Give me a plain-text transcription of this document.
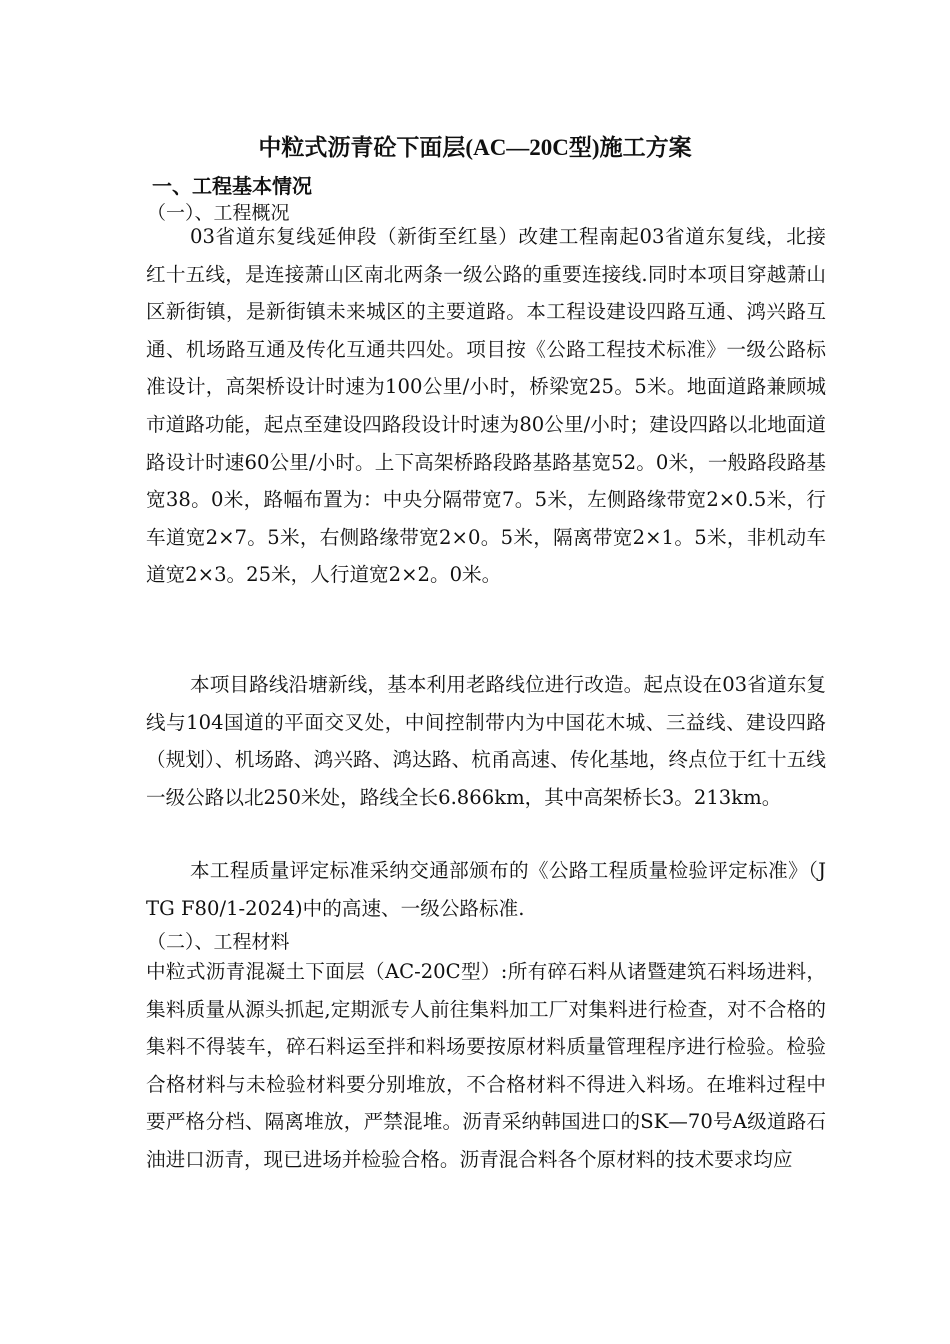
中粒式沥青砼下面层(AC—20C型)施工方案
一、工程基本情况
（一）、工程概况
03省道东复线延伸段（新街至红垦）改建工程南起03省道东复线，北接红十五线，是连接萧山区南北两条一级公路的重要连接线.同时本项目穿越萧山区新街镇，是新街镇未来城区的主要道路。本工程设建设四路互通、鸿兴路互通、机场路互通及传化互通共四处。项目按《公路工程技术标准》一级公路标准设计，高架桥设计时速为100公里/小时，桥梁宽25。5米。地面道路兼顾城市道路功能，起点至建设四路段设计时速为80公里/小时；建设四路以北地面道路设计时速60公里/小时。上下高架桥路段路基路基宽52。0米，一般路段路基宽38。0米，路幅布置为：中央分隔带宽7。5米，左侧路缘带宽2×0.5米，行车道宽2×7。5米，右侧路缘带宽2×0。5米，隔离带宽2×1。5米，非机动车道宽2×3。25米，人行道宽2×2。0米。
本项目路线沿塘新线，基本利用老路线位进行改造。起点设在03省道东复线与104国道的平面交叉处，中间控制带内为中国花木城、三益线、建设四路（规划）、机场路、鸿兴路、鸿达路、杭甬高速、传化基地，终点位于红十五线一级公路以北250米处，路线全长6.866km，其中高架桥长3。213km。
本工程质量评定标准采纳交通部颁布的《公路工程质量检验评定标准》（JTG F80/1-2024)中的高速、一级公路标准.
（二）、工程材料
中粒式沥青混凝土下面层（AC-20C型）:所有碎石料从诸暨建筑石料场进料，集料质量从源头抓起,定期派专人前往集料加工厂对集料进行检查，对不合格的集料不得装车，碎石料运至拌和料场要按原材料质量管理程序进行检验。检验合格材料与未检验材料要分别堆放，不合格材料不得进入料场。在堆料过程中要严格分档、隔离堆放，严禁混堆。沥青采纳韩国进口的SK—70号A级道路石油进口沥青，现已进场并检验合格。沥青混合料各个原材料的技术要求均应
